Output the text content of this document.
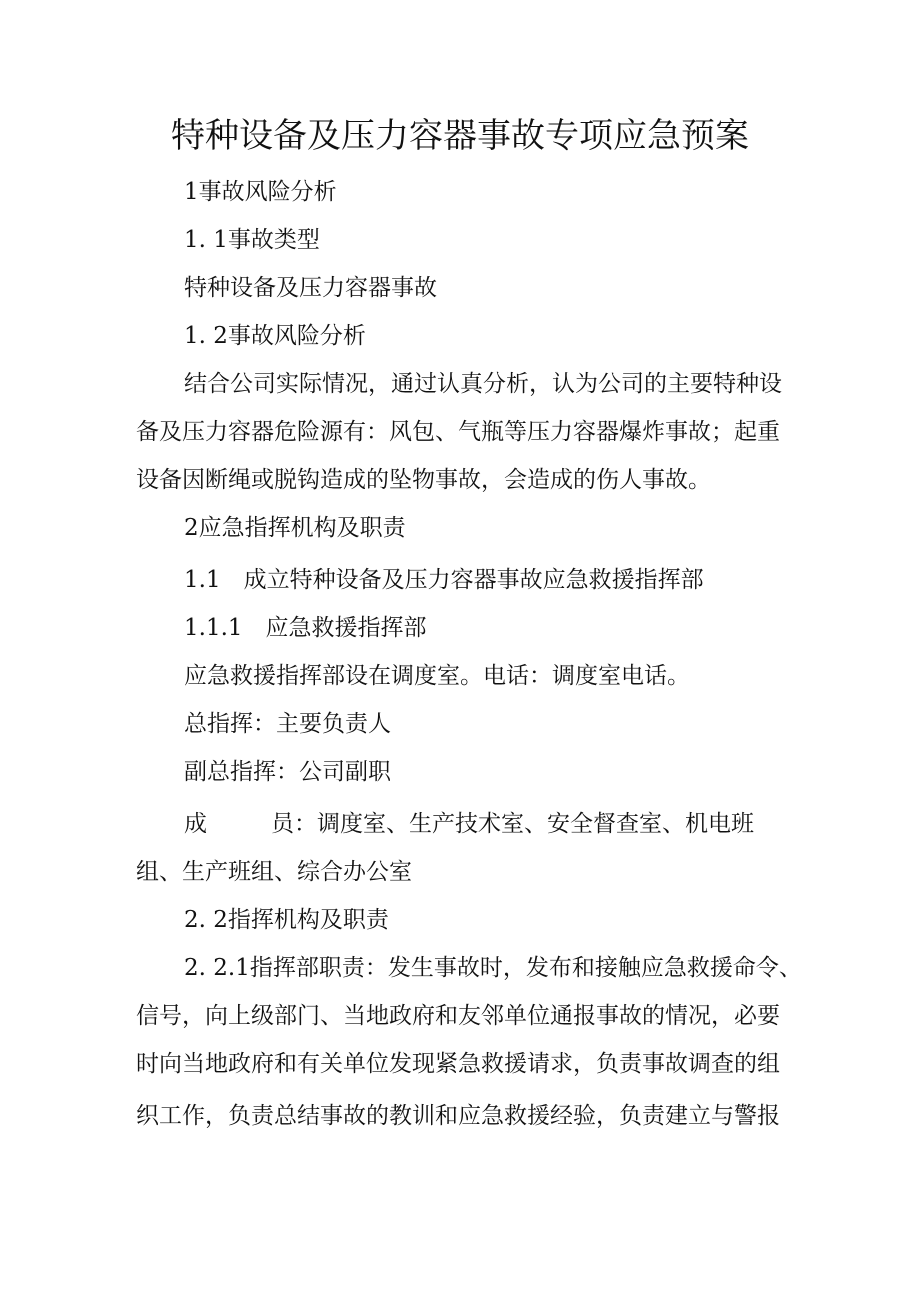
特种设备及压力容器事故专项应急预案

1事故风险分析

1. 1事故类型

特种设备及压力容器事故

1. 2事故风险分析

结合公司实际情况，通过认真分析，认为公司的主要特种设

备及压力容器危险源有：风包、气瓶等压力容器爆炸事故；起重

设备因断绳或脱钩造成的坠物事故，会造成的伤人事故。

2应急指挥机构及职责

1.1　成立特种设备及压力容器事故应急救援指挥部

1.1.1　应急救援指挥部

应急救援指挥部设在调度室。电话：调度室电话。

总指挥：主要负责人

副总指挥：公司副职

成	员：调度室、生产技术室、安全督查室、机电班

组、生产班组、综合办公室

2. 2指挥机构及职责

2. 2.1指挥部职责：发生事故时，发布和接触应急救援命令、

信号，向上级部门、当地政府和友邻单位通报事故的情况，必要

时向当地政府和有关单位发现紧急救援请求，负责事故调查的组

织工作，负责总结事故的教训和应急救援经验，负责建立与警报
